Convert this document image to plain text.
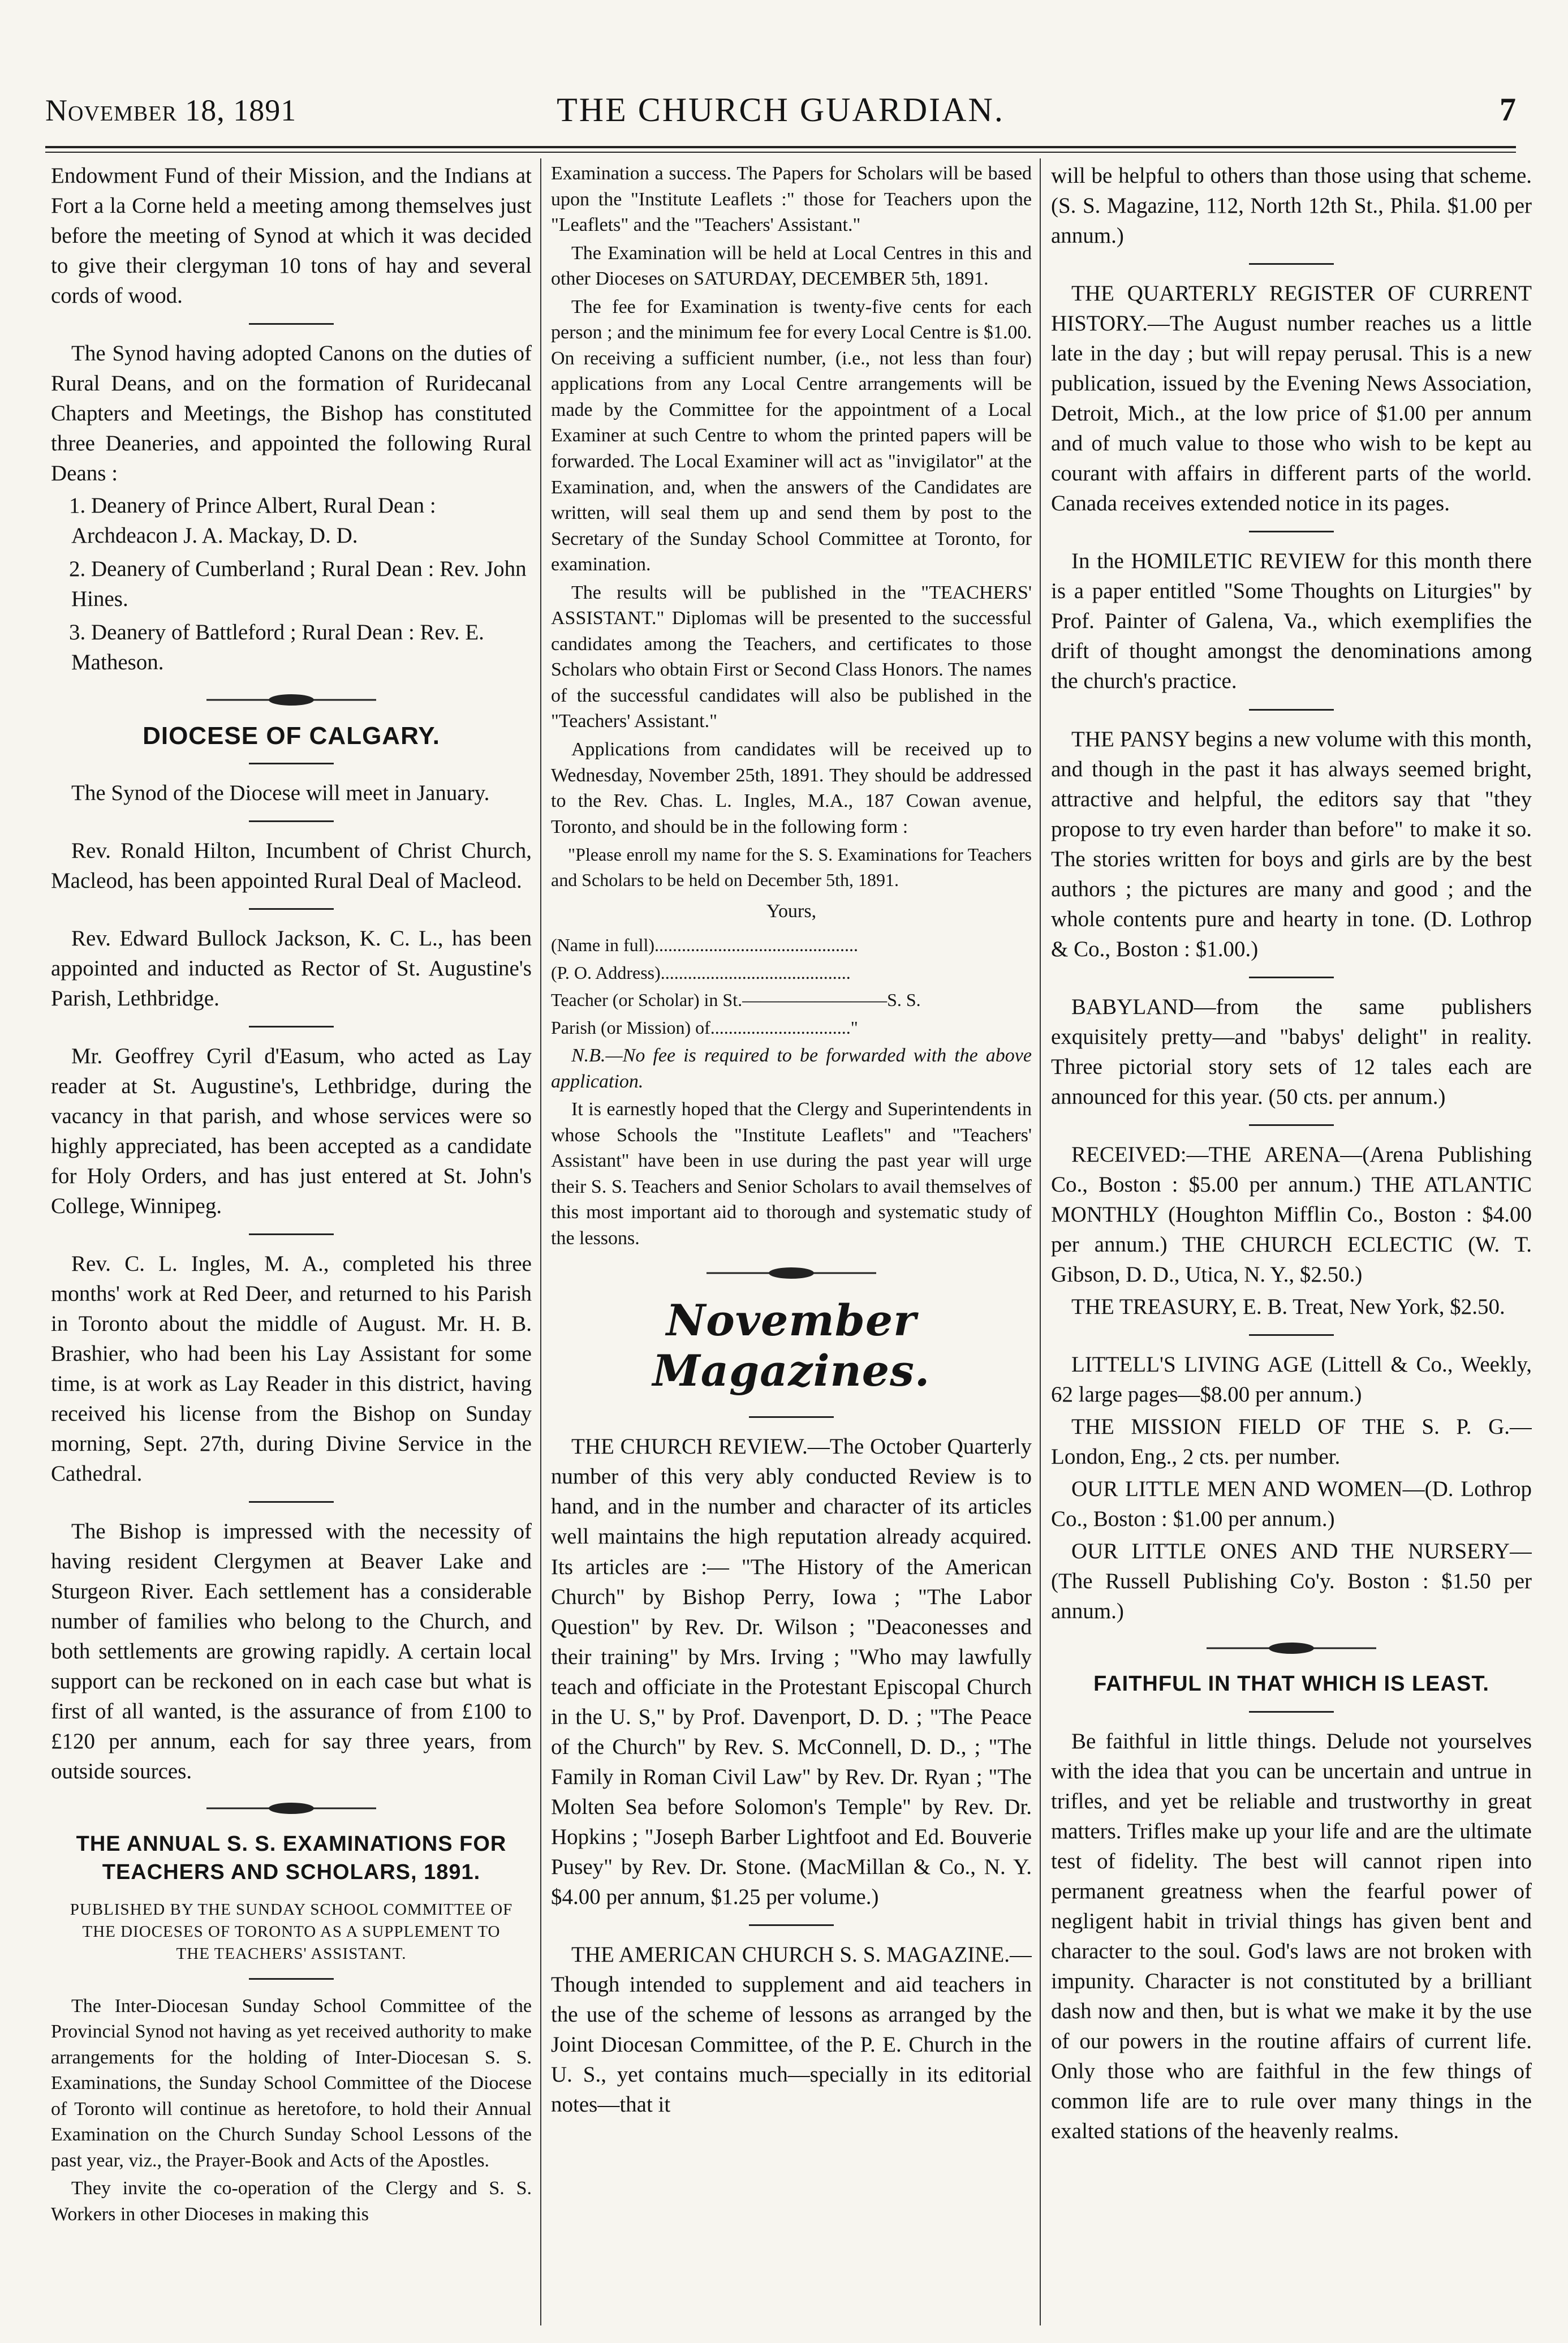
THE CHURCH GUARDIAN.
November 18, 1891	7

Endowment Fund of their Mission, and the Indians at Fort a la Corne held a meeting among themselves just before the meeting of Synod at which it was decided to give their clergyman 10 tons of hay and several cords of wood.

The Synod having adopted Canons on the duties of Rural Deans, and on the formation of Ruridecanal Chapters and Meetings, the Bishop has constituted three Deaneries, and appointed the following Rural Deans :

1. Deanery of Prince Albert, Rural Dean : Archdeacon J. A. Mackay, D. D.

2. Deanery of Cumberland ; Rural Dean : Rev. John Hines.

3. Deanery of Battleford ; Rural Dean : Rev. E. Matheson.

DIOCESE OF CALGARY.

The Synod of the Diocese will meet in January.

Rev. Ronald Hilton, Incumbent of Christ Church, Macleod, has been appointed Rural Deal of Macleod.

Rev. Edward Bullock Jackson, K. C. L., has been appointed and inducted as Rector of St. Augustine's Parish, Lethbridge.

Mr. Geoffrey Cyril d'Easum, who acted as Lay reader at St. Augustine's, Lethbridge, during the vacancy in that parish, and whose services were so highly appreciated, has been accepted as a candidate for Holy Orders, and has just entered at St. John's College, Winnipeg.

Rev. C. L. Ingles, M. A., completed his three months' work at Red Deer, and returned to his Parish in Toronto about the middle of August. Mr. H. B. Brashier, who had been his Lay Assistant for some time, is at work as Lay Reader in this district, having received his license from the Bishop on Sunday morning, Sept. 27th, during Divine Service in the Cathedral.

The Bishop is impressed with the necessity of having resident Clergymen at Beaver Lake and Sturgeon River. Each settlement has a considerable number of families who belong to the Church, and both settlements are growing rapidly. A certain local support can be reckoned on in each case but what is first of all wanted, is the assurance of from £100 to £120 per annum, each for say three years, from outside sources.

THE ANNUAL S. S. EXAMINATIONS FOR TEACHERS AND SCHOLARS, 1891.

PUBLISHED BY THE SUNDAY SCHOOL COMMITTEE OF THE DIOCESES OF TORONTO AS A SUPPLEMENT TO THE TEACHERS' ASSISTANT.

The Inter-Diocesan Sunday School Committee of the Provincial Synod not having as yet received authority to make arrangements for the holding of Inter-Diocesan S. S. Examinations, the Sunday School Committee of the Diocese of Toronto will continue as heretofore, to hold their Annual Examination on the Church Sunday School Lessons of the past year, viz., the Prayer-Book and Acts of the Apostles.

They invite the co-operation of the Clergy and S. S. Workers in other Dioceses in making this

Examination a success. The Papers for Scholars will be based upon the "Institute Leaflets :" those for Teachers upon the "Leaflets" and the "Teachers' Assistant."

The Examination will be held at Local Centres in this and other Dioceses on SATURDAY, DECEMBER 5th, 1891.

The fee for Examination is twenty-five cents for each person ; and the minimum fee for every Local Centre is $1.00. On receiving a sufficient number, (i.e., not less than four) applications from any Local Centre arrangements will be made by the Committee for the appointment of a Local Examiner at such Centre to whom the printed papers will be forwarded. The Local Examiner will act as "invigilator" at the Examination, and, when the answers of the Candidates are written, will seal them up and send them by post to the Secretary of the Sunday School Committee at Toronto, for examination.

The results will be published in the "TEACHERS' ASSISTANT." Diplomas will be presented to the successful candidates among the Teachers, and certificates to those Scholars who obtain First or Second Class Honors. The names of the successful candidates will also be published in the "Teachers' Assistant."

Applications from candidates will be received up to Wednesday, November 25th, 1891. They should be addressed to the Rev. Chas. L. Ingles, M.A., 187 Cowan avenue, Toronto, and should be in the following form :

"Please enroll my name for the S. S. Examinations for Teachers and Scholars to be held on December 5th, 1891.

Yours,

(Name in full).............................................

(P. O. Address)..........................................

Teacher (or Scholar) in St.————————S. S.

Parish (or Mission) of..............................."

N.B.—No fee is required to be forwarded with the above application.

It is earnestly hoped that the Clergy and Superintendents in whose Schools the "Institute Leaflets" and "Teachers' Assistant" have been in use during the past year will urge their S. S. Teachers and Senior Scholars to avail themselves of this most important aid to thorough and systematic study of the lessons.

November Magazines.

THE CHURCH REVIEW.—The October Quarterly number of this very ably conducted Review is to hand, and in the number and character of its articles well maintains the high reputation already acquired. Its articles are :— "The History of the American Church" by Bishop Perry, Iowa ; "The Labor Question" by Rev. Dr. Wilson ; "Deaconesses and their training" by Mrs. Irving ; "Who may lawfully teach and officiate in the Protestant Episcopal Church in the U. S," by Prof. Davenport, D. D. ; "The Peace of the Church" by Rev. S. McConnell, D. D., ; "The Family in Roman Civil Law" by Rev. Dr. Ryan ; "The Molten Sea before Solomon's Temple" by Rev. Dr. Hopkins ; "Joseph Barber Lightfoot and Ed. Bouverie Pusey" by Rev. Dr. Stone. (MacMillan & Co., N. Y. $4.00 per annum, $1.25 per volume.)

THE AMERICAN CHURCH S. S. MAGAZINE.—Though intended to supplement and aid teachers in the use of the scheme of lessons as arranged by the Joint Diocesan Committee, of the P. E. Church in the U. S., yet contains much—specially in its editorial notes—that it

will be helpful to others than those using that scheme. (S. S. Magazine, 112, North 12th St., Phila. $1.00 per annum.)

THE QUARTERLY REGISTER OF CURRENT HISTORY.—The August number reaches us a little late in the day ; but will repay perusal. This is a new publication, issued by the Evening News Association, Detroit, Mich., at the low price of $1.00 per annum and of much value to those who wish to be kept au courant with affairs in different parts of the world. Canada receives extended notice in its pages.

In the HOMILETIC REVIEW for this month there is a paper entitled "Some Thoughts on Liturgies" by Prof. Painter of Galena, Va., which exemplifies the drift of thought amongst the denominations among the church's practice.

THE PANSY begins a new volume with this month, and though in the past it has always seemed bright, attractive and helpful, the editors say that "they propose to try even harder than before" to make it so. The stories written for boys and girls are by the best authors ; the pictures are many and good ; and the whole contents pure and hearty in tone. (D. Lothrop & Co., Boston : $1.00.)

BABYLAND—from the same publishers exquisitely pretty—and "babys' delight" in reality. Three pictorial story sets of 12 tales each are announced for this year. (50 cts. per annum.)

RECEIVED:—THE ARENA—(Arena Publishing Co., Boston : $5.00 per annum.) THE ATLANTIC MONTHLY (Houghton Mifflin Co., Boston : $4.00 per annum.) THE CHURCH ECLECTIC (W. T. Gibson, D. D., Utica, N. Y., $2.50.)

THE TREASURY, E. B. Treat, New York, $2.50.

LITTELL'S LIVING AGE (Littell & Co., Weekly, 62 large pages—$8.00 per annum.)

THE MISSION FIELD OF THE S. P. G.— London, Eng., 2 cts. per number.

OUR LITTLE MEN AND WOMEN—(D. Lothrop Co., Boston : $1.00 per annum.)

OUR LITTLE ONES AND THE NURSERY—(The Russell Publishing Co'y. Boston : $1.50 per annum.)

FAITHFUL IN THAT WHICH IS LEAST.

Be faithful in little things. Delude not yourselves with the idea that you can be uncertain and untrue in trifles, and yet be reliable and trustworthy in great matters. Trifles make up your life and are the ultimate test of fidelity. The best will cannot ripen into permanent greatness when the fearful power of negligent habit in trivial things has given bent and character to the soul. God's laws are not broken with impunity. Character is not constituted by a brilliant dash now and then, but is what we make it by the use of our powers in the routine affairs of current life. Only those who are faithful in the few things of common life are to rule over many things in the exalted stations of the heavenly realms.
